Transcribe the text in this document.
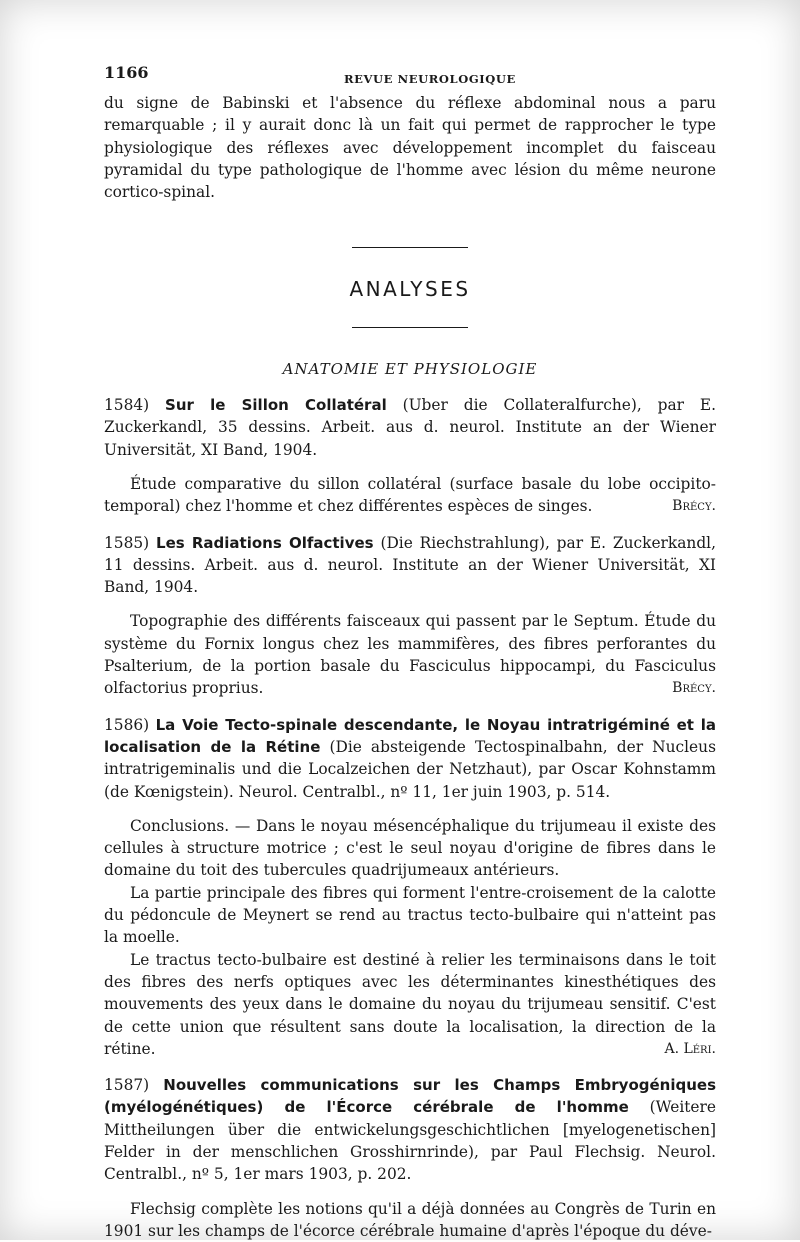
1166	REVUE NEUROLOGIQUE

du signe de Babinski et l'absence du réflexe abdominal nous a paru remarquable ; il y aurait donc là un fait qui permet de rapprocher le type physiologique des réflexes avec développement incomplet du faisceau pyramidal du type pathologique de l'homme avec lésion du même neurone cortico-spinal.

ANALYSES
ANATOMIE ET PHYSIOLOGIE

1584) Sur le Sillon Collatéral (Uber die Collateralfurche), par E. Zuckerkandl, 35 dessins. Arbeit. aus d. neurol. Institute an der Wiener Universität, XI Band, 1904.

Étude comparative du sillon collatéral (surface basale du lobe occipito-temporal) chez l'homme et chez différentes espèces de singes.	Brécy.

1585) Les Radiations Olfactives (Die Riechstrahlung), par E. Zuckerkandl, 11 dessins. Arbeit. aus d. neurol. Institute an der Wiener Universität, XI Band, 1904.

Topographie des différents faisceaux qui passent par le Septum. Étude du système du Fornix longus chez les mammifères, des fibres perforantes du Psalterium, de la portion basale du Fasciculus hippocampi, du Fasciculus olfactorius proprius.	Brécy.

1586) La Voie Tecto-spinale descendante, le Noyau intratrigéminé et la localisation de la Rétine (Die absteigende Tectospinalbahn, der Nucleus intratrigeminalis und die Localzeichen der Netzhaut), par Oscar Kohnstamm (de Kœnigstein). Neurol. Centralbl., nº 11, 1er juin 1903, p. 514.

Conclusions. — Dans le noyau mésencéphalique du trijumeau il existe des cellules à structure motrice ; c'est le seul noyau d'origine de fibres dans le domaine du toit des tubercules quadrijumeaux antérieurs.

La partie principale des fibres qui forment l'entre-croisement de la calotte du pédoncule de Meynert se rend au tractus tecto-bulbaire qui n'atteint pas la moelle.

Le tractus tecto-bulbaire est destiné à relier les terminaisons dans le toit des fibres des nerfs optiques avec les déterminantes kinesthétiques des mouvements des yeux dans le domaine du noyau du trijumeau sensitif. C'est de cette union que résultent sans doute la localisation, la direction de la rétine.	A. Léri.

1587) Nouvelles communications sur les Champs Embryogéniques (myélogénétiques) de l'Écorce cérébrale de l'homme (Weitere Mittheilungen über die entwickelungsgeschichtlichen [myelogenetischen] Felder in der menschlichen Grosshirnrinde), par Paul Flechsig. Neurol. Centralbl., nº 5, 1er mars 1903, p. 202.

Flechsig complète les notions qu'il a déjà données au Congrès de Turin en 1901 sur les champs de l'écorce cérébrale humaine d'après l'époque du déve-
